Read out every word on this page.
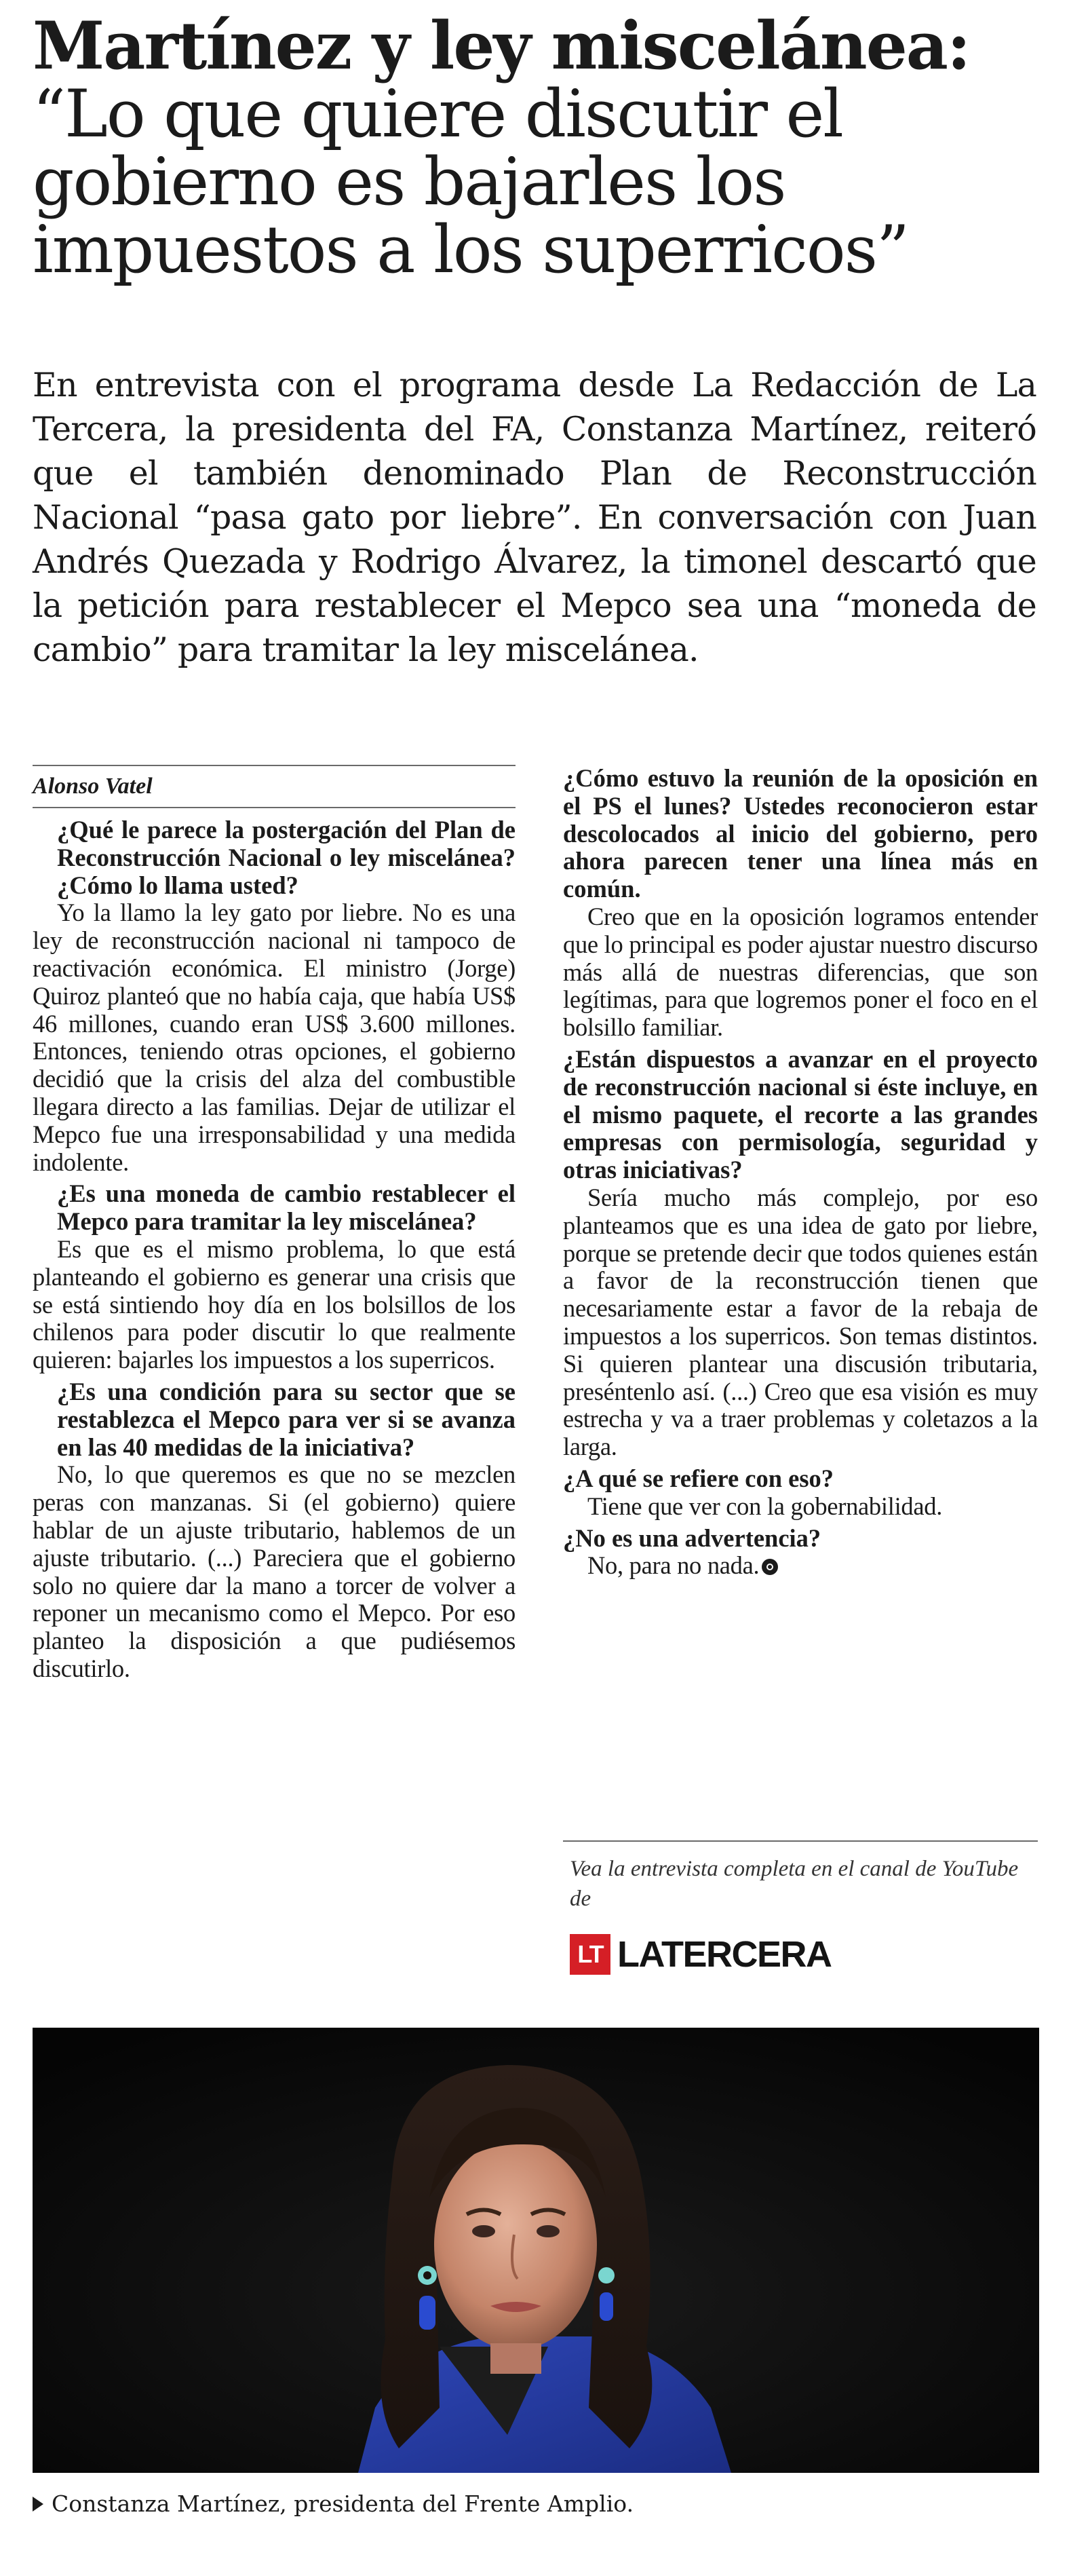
Martínez y ley miscelánea:
“Lo que quiere discutir el gobierno es bajarles los impuestos a los superricos”

En entrevista con el programa desde La Redacción de La Tercera, la presidenta del FA, Constanza Martínez, reiteró que el también denominado Plan de Reconstrucción Nacional “pasa gato por liebre”. En conversación con Juan Andrés Quezada y Rodrigo Álvarez, la timonel descartó que la petición para restablecer el Mepco sea una “moneda de cambio” para tramitar la ley miscelánea.

Alonso Vatel

¿Qué le parece la postergación del Plan de Reconstrucción Nacional o ley miscelánea? ¿Cómo lo llama usted?

Yo la llamo la ley gato por liebre. No es una ley de reconstrucción nacional ni tampoco de reactivación económica. El ministro (Jorge) Quiroz planteó que no había caja, que había US$ 46 millones, cuando eran US$ 3.600 millones. Entonces, teniendo otras opciones, el gobierno decidió que la crisis del alza del combustible llegara directo a las familias. Dejar de utilizar el Mepco fue una irresponsabilidad y una medida indolente.

¿Es una moneda de cambio restablecer el Mepco para tramitar la ley miscelánea?

Es que es el mismo problema, lo que está planteando el gobierno es generar una crisis que se está sintiendo hoy día en los bolsillos de los chilenos para poder discutir lo que realmente quieren: bajarles los impuestos a los superricos.

¿Es una condición para su sector que se restablezca el Mepco para ver si se avanza en las 40 medidas de la iniciativa?

No, lo que queremos es que no se mezclen peras con manzanas. Si (el gobierno) quiere hablar de un ajuste tributario, hablemos de un ajuste tributario. (...) Pareciera que el gobierno solo no quiere dar la mano a torcer de volver a reponer un mecanismo como el Mepco. Por eso planteo la disposición a que pudiésemos discutirlo.

¿Cómo estuvo la reunión de la oposición en el PS el lunes? Ustedes reconocieron estar descolocados al inicio del gobierno, pero ahora parecen tener una línea más en común.

Creo que en la oposición logramos entender que lo principal es poder ajustar nuestro discurso más allá de nuestras diferencias, que son legítimas, para que logremos poner el foco en el bolsillo familiar.

¿Están dispuestos a avanzar en el proyecto de reconstrucción nacional si éste incluye, en el mismo paquete, el recorte a las grandes empresas con permisología, seguridad y otras iniciativas?

Sería mucho más complejo, por eso planteamos que es una idea de gato por liebre, porque se pretende decir que todos quienes están a favor de la reconstrucción tienen que necesariamente estar a favor de la rebaja de impuestos a los superricos. Son temas distintos. Si quieren plantear una discusión tributaria, preséntenlo así. (...) Creo que esa visión es muy estrecha y va a traer problemas y coletazos a la larga.

¿A qué se refiere con eso?

Tiene que ver con la gobernabilidad.

¿No es una advertencia?

No, para no nada.

Vea la entrevista completa en el canal de YouTube de

LT LATERCERA

Constanza Martínez, presidenta del Frente Amplio.
